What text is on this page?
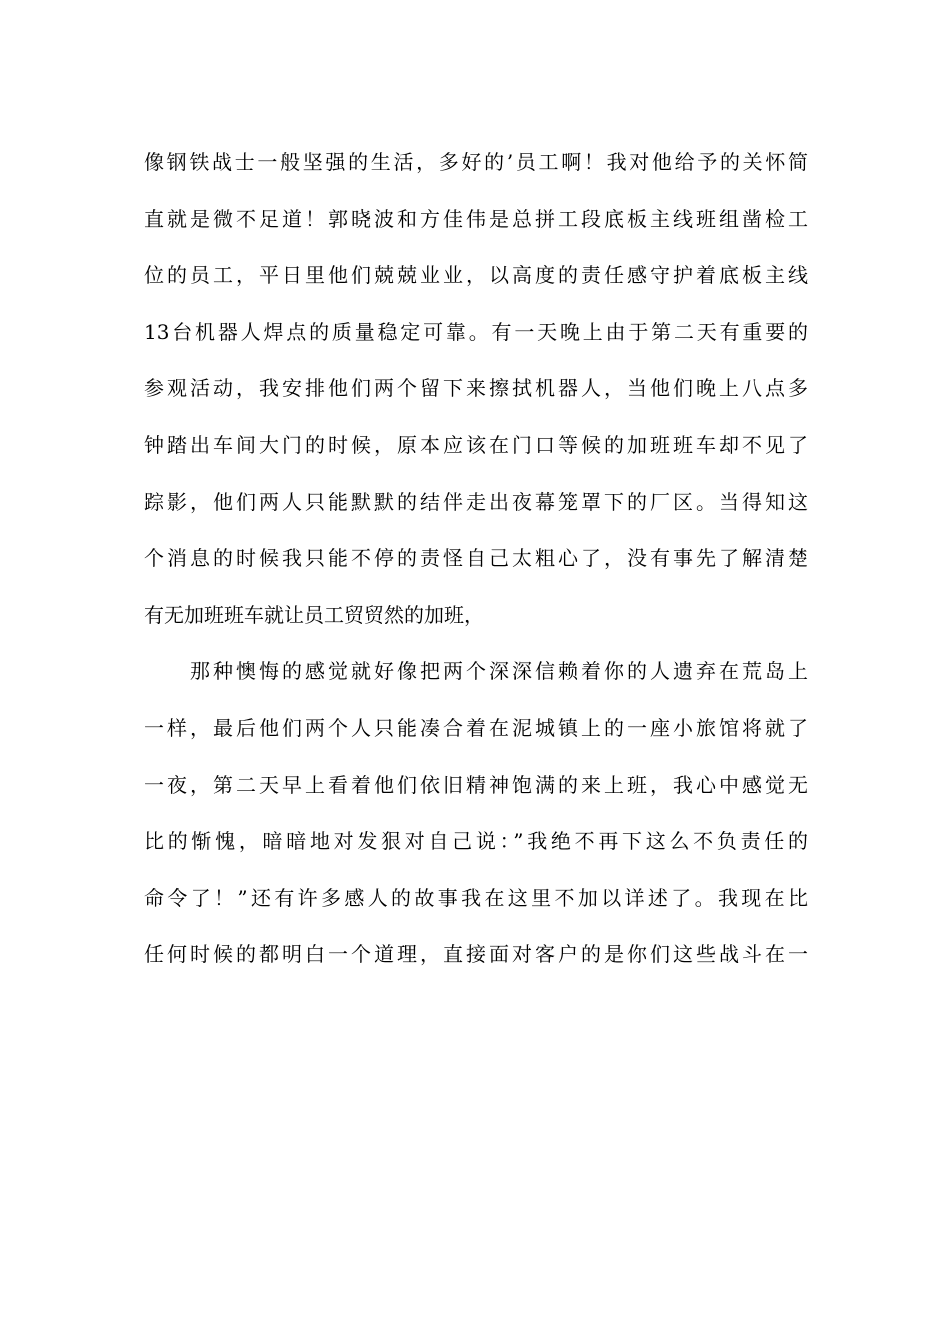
像钢铁战士一般坚强的生活，多好的’员工啊！我对他给予的关怀简
直就是微不足道！郭晓波和方佳伟是总拼工段底板主线班组凿检工
位的员工，平日里他们兢兢业业，以高度的责任感守护着底板主线
13台机器人焊点的质量稳定可靠。有一天晚上由于第二天有重要的
参观活动，我安排他们两个留下来擦拭机器人，当他们晚上八点多
钟踏出车间大门的时候，原本应该在门口等候的加班班车却不见了
踪影，他们两人只能默默的结伴走出夜幕笼罩下的厂区。当得知这
个消息的时候我只能不停的责怪自己太粗心了，没有事先了解清楚
有无加班班车就让员工贸贸然的加班，
那种懊悔的感觉就好像把两个深深信赖着你的人遗弃在荒岛上
一样，最后他们两个人只能凑合着在泥城镇上的一座小旅馆将就了
一夜，第二天早上看着他们依旧精神饱满的来上班，我心中感觉无
比的惭愧，暗暗地对发狠对自己说：”我绝不再下这么不负责任的
命令了！”还有许多感人的故事我在这里不加以详述了。我现在比
任何时候的都明白一个道理，直接面对客户的是你们这些战斗在一
